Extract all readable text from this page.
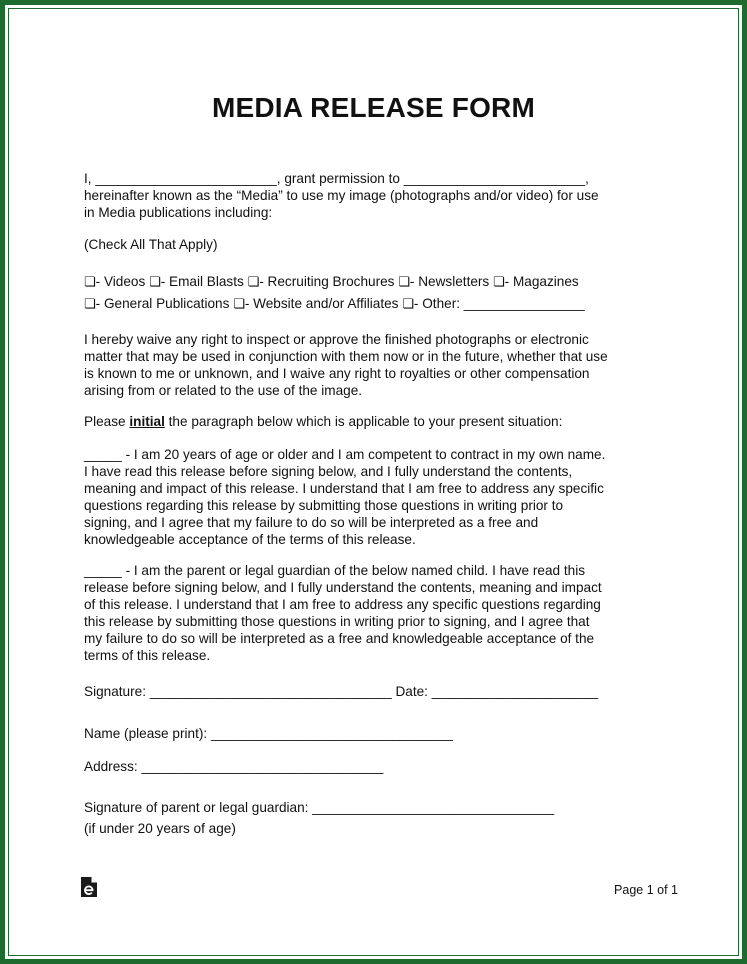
MEDIA RELEASE FORM
I, ________________________, grant permission to ________________________,
hereinafter known as the “Media” to use my image (photographs and/or video) for use
in Media publications including:
(Check All That Apply)
❏- Videos ❏- Email Blasts ❏- Recruiting Brochures ❏- Newsletters ❏- Magazines
❏- General Publications ❏- Website and/or Affiliates ❏- Other: ________________
I hereby waive any right to inspect or approve the finished photographs or electronic
matter that may be used in conjunction with them now or in the future, whether that use
is known to me or unknown, and I waive any right to royalties or other compensation
arising from or related to the use of the image.
Please initial the paragraph below which is applicable to your present situation:
_____ - I am 20 years of age or older and I am competent to contract in my own name.
I have read this release before signing below, and I fully understand the contents,
meaning and impact of this release. I understand that I am free to address any specific
questions regarding this release by submitting those questions in writing prior to
signing, and I agree that my failure to do so will be interpreted as a free and
knowledgeable acceptance of the terms of this release.
_____ - I am the parent or legal guardian of the below named child. I have read this
release before signing below, and I fully understand the contents, meaning and impact
of this release. I understand that I am free to address any specific questions regarding
this release by submitting those questions in writing prior to signing, and I agree that
my failure to do so will be interpreted as a free and knowledgeable acceptance of the
terms of this release.
Signature: ________________________________ Date: ______________________
Name (please print): ________________________________
Address: ________________________________
Signature of parent or legal guardian: ________________________________
(if under 20 years of age)
Page 1 of 1
